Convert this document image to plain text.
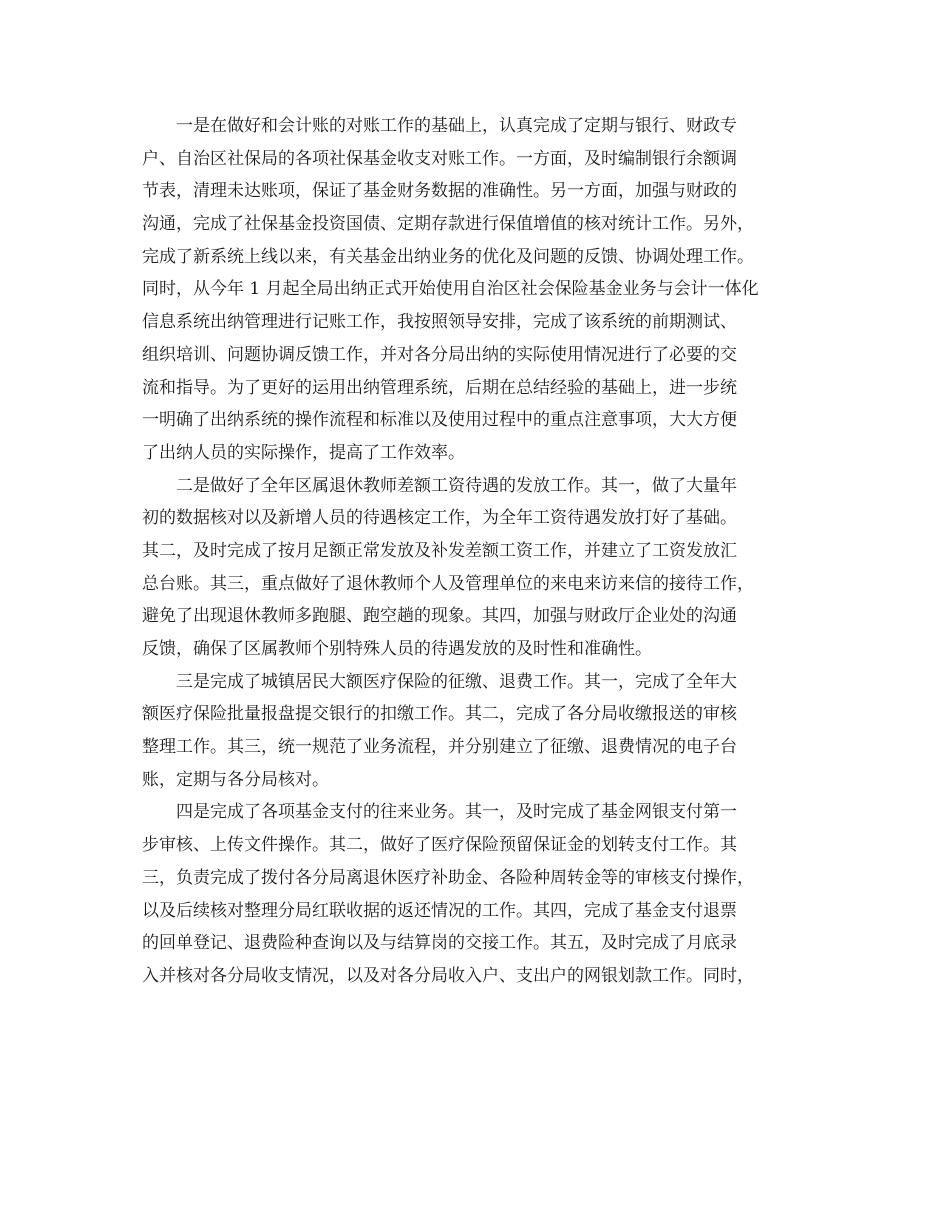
一是在做好和会计账的对账工作的基础上，认真完成了定期与银行、财政专
户、自治区社保局的各项社保基金收支对账工作。一方面，及时编制银行余额调
节表，清理未达账项，保证了基金财务数据的准确性。另一方面，加强与财政的
沟通，完成了社保基金投资国债、定期存款进行保值增值的核对统计工作。另外，
完成了新系统上线以来，有关基金出纳业务的优化及问题的反馈、协调处理工作。
同时，从今年 1 月起全局出纳正式开始使用自治区社会保险基金业务与会计一体化
信息系统出纳管理进行记账工作，我按照领导安排，完成了该系统的前期测试、
组织培训、问题协调反馈工作，并对各分局出纳的实际使用情况进行了必要的交
流和指导。为了更好的运用出纳管理系统，后期在总结经验的基础上，进一步统
一明确了出纳系统的操作流程和标准以及使用过程中的重点注意事项，大大方便
了出纳人员的实际操作，提高了工作效率。
二是做好了全年区属退休教师差额工资待遇的发放工作。其一，做了大量年
初的数据核对以及新增人员的待遇核定工作，为全年工资待遇发放打好了基础。
其二，及时完成了按月足额正常发放及补发差额工资工作，并建立了工资发放汇
总台账。其三，重点做好了退休教师个人及管理单位的来电来访来信的接待工作，
避免了出现退休教师多跑腿、跑空趟的现象。其四，加强与财政厅企业处的沟通
反馈，确保了区属教师个别特殊人员的待遇发放的及时性和准确性。
三是完成了城镇居民大额医疗保险的征缴、退费工作。其一，完成了全年大
额医疗保险批量报盘提交银行的扣缴工作。其二，完成了各分局收缴报送的审核
整理工作。其三，统一规范了业务流程，并分别建立了征缴、退费情况的电子台
账，定期与各分局核对。
四是完成了各项基金支付的往来业务。其一，及时完成了基金网银支付第一
步审核、上传文件操作。其二，做好了医疗保险预留保证金的划转支付工作。其
三，负责完成了拨付各分局离退休医疗补助金、各险种周转金等的审核支付操作，
以及后续核对整理分局红联收据的返还情况的工作。其四，完成了基金支付退票
的回单登记、退费险种查询以及与结算岗的交接工作。其五，及时完成了月底录
入并核对各分局收支情况，以及对各分局收入户、支出户的网银划款工作。同时，
